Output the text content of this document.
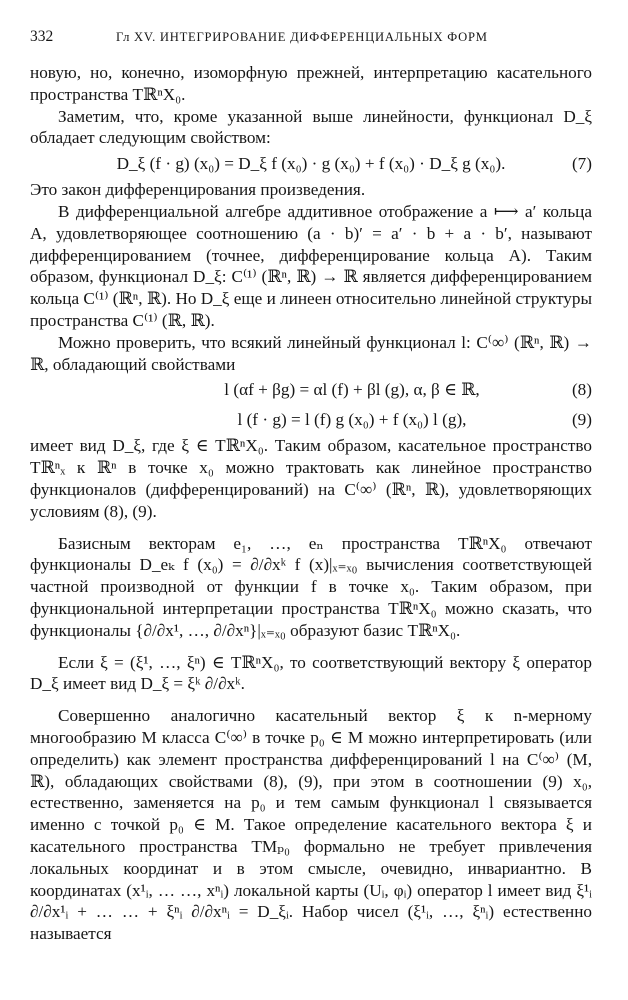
332	Гл XV. ИНТЕГРИРОВАНИЕ ДИФФЕРЕНЦИАЛЬНЫХ ФОРМ

новую, но, конечно, изоморфную прежней, интерпретацию касательного пространства TℝⁿX₀.

Заметим, что, кроме указанной выше линейности, функционал D_ξ обладает следующим свойством:

D_ξ (f · g) (x₀) = D_ξ f (x₀) · g (x₀) + f (x₀) · D_ξ g (x₀).	(7)

Это закон дифференцирования произведения.

В дифференциальной алгебре аддитивное отображение a ⟼ a′ кольца A, удовлетворяющее соотношению (a · b)′ = a′ · b + a · b′, называют дифференцированием (точнее, дифференцирование кольца A). Таким образом, функционал D_ξ: C⁽¹⁾ (ℝⁿ, ℝ) → ℝ является дифференцированием кольца C⁽¹⁾ (ℝⁿ, ℝ). Но D_ξ еще и линеен относительно линейной структуры пространства C⁽¹⁾ (ℝ, ℝ).

Можно проверить, что всякий линейный функционал l: C⁽∞⁾ (ℝⁿ, ℝ) → ℝ, обладающий свойствами

l (αf + βg) = αl (f) + βl (g), α, β ∈ ℝ,	(8)
l (f · g) = l (f) g (x₀) + f (x₀) l (g),	(9)

имеет вид D_ξ, где ξ ∈ TℝⁿX₀. Таким образом, касательное пространство Tℝⁿₓ к ℝⁿ в точке x₀ можно трактовать как линейное пространство функционалов (дифференцирований) на C⁽∞⁾ (ℝⁿ, ℝ), удовлетворяющих условиям (8), (9).

Базисным векторам e₁, …, eₙ пространства TℝⁿX₀ отвечают функционалы D_eₖ f (x₀) = ∂/∂xᵏ f (x)|ₓ₌ₓ₀ вычисления соответствующей частной производной от функции f в точке x₀. Таким образом, при функциональной интерпретации пространства TℝⁿX₀ можно сказать, что функционалы {∂/∂x¹, …, ∂/∂xⁿ}|ₓ₌ₓ₀ образуют базис TℝⁿX₀.

Если ξ = (ξ¹, …, ξⁿ) ∈ TℝⁿX₀, то соответствующий вектору ξ оператор D_ξ имеет вид D_ξ = ξᵏ ∂/∂xᵏ.

Совершенно аналогично касательный вектор ξ к n-мерному многообразию M класса C⁽∞⁾ в точке p₀ ∈ M можно интерпретировать (или определить) как элемент пространства дифференцирований l на C⁽∞⁾ (M, ℝ), обладающих свойствами (8), (9), при этом в соотношении (9) x₀, естественно, заменяется на p₀ и тем самым функционал l связывается именно с точкой p₀ ∈ M. Такое определение касательного вектора ξ и касательного пространства TMₚ₀ формально не требует привлечения локальных координат и в этом смысле, очевидно, инвариантно. В координатах (x¹ᵢ, … …, xⁿᵢ) локальной карты (Uᵢ, φᵢ) оператор l имеет вид ξ¹ᵢ ∂/∂x¹ᵢ + … … + ξⁿᵢ ∂/∂xⁿᵢ = D_ξᵢ. Набор чисел (ξ¹ᵢ, …, ξⁿᵢ) естественно называется
